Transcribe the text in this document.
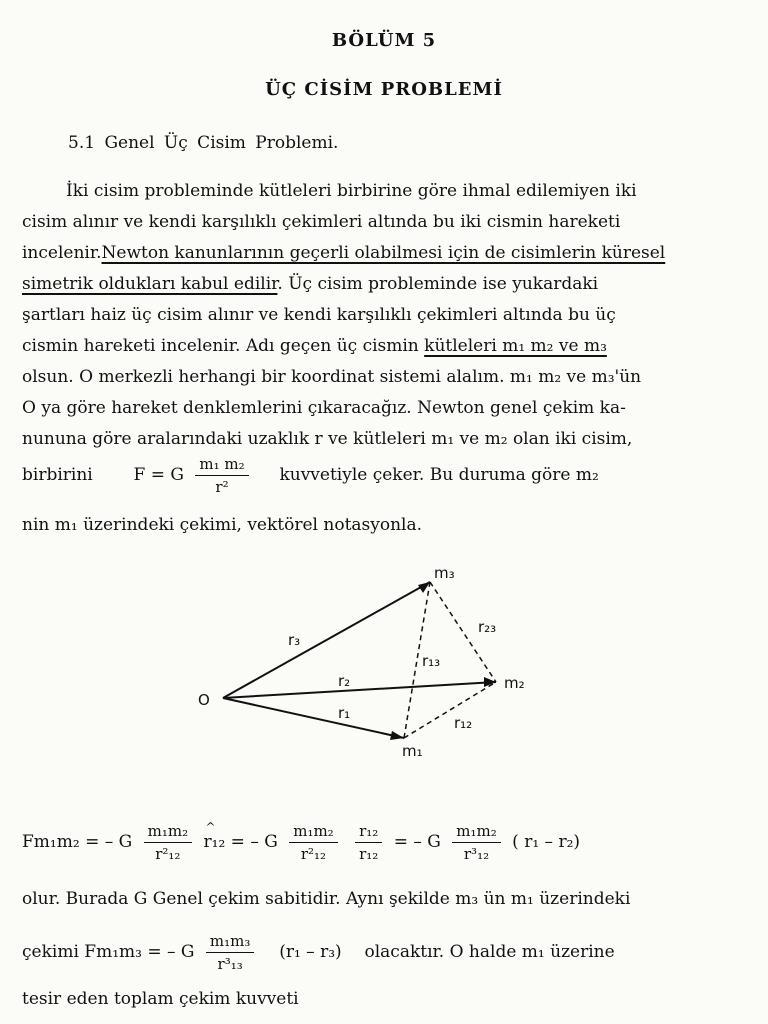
BÖLÜM 5
ÜÇ CİSİM PROBLEMİ
5.1 Genel Üç Cisim Problemi.
İki cisim probleminde kütleleri birbirine göre ihmal edilemiyen iki
cisim alınır ve kendi karşılıklı çekimleri altında bu iki cismin hareketi
incelenir.Newton kanunlarının geçerli olabilmesi için de cisimlerin küresel
simetrik oldukları kabul edilir. Üç cisim probleminde ise yukardaki
şartları haiz üç cisim alınır ve kendi karşılıklı çekimleri altında bu üç
cismin hareketi incelenir. Adı geçen üç cismin kütleleri m₁ m₂ ve m₃
olsun. O merkezli herhangi bir koordinat sistemi alalım. m₁ m₂ ve m₃'ün
O ya göre hareket denklemlerini çıkaracağız. Newton genel çekim ka-
nununa göre aralarındaki uzaklık r ve kütleleri m₁ ve m₂ olan iki cisim,
birbirini F = G $\frac{\text{m₁ m₂}}{\text{r²}}$ kuvvetiyle çeker. Bu duruma göre m₂
nin m₁ üzerindeki çekimi, vektörel notasyonla.
O
m₃
m₂
m₁
r₃
r₂
r₁
r₂₃
r₁₃
r₁₂
Fm₁m₂ = – G $\frac{\text{m₁m₂}}{\text{r²₁₂}}$
^ r₁₂ = – G $\frac{\text{m₁m₂}}{\text{r²₁₂}}$
$\frac{\text{r₁₂}}{\text{r₁₂}}$ = – G $\frac{\text{m₁m₂}}{\text{r³₁₂}}$ ( r₁ – r₂)
olur. Burada G Genel çekim sabitidir. Aynı şekilde m₃ ün m₁ üzerindeki
çekimi Fm₁m₃ = – G $\frac{\text{m₁m₃}}{\text{r³₁₃}} (r_1 - r_3)$ olacaktır. O halde m₁ üzerine
tesir eden toplam çekim kuvveti
